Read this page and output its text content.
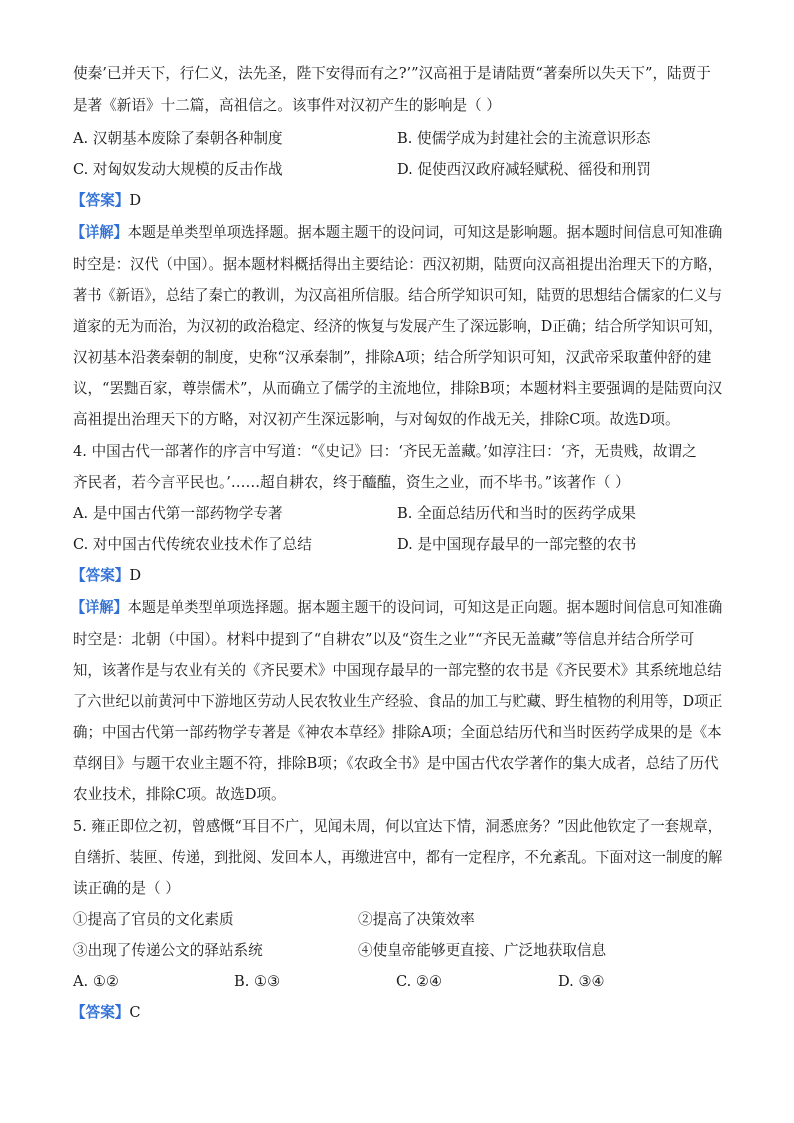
使秦’已并天下，行仁义，法先圣，陛下安得而有之?’”汉高祖于是请陆贾“著秦所以失天下”，陆贾于
是著《新语》十二篇，高祖信之。该事件对汉初产生的影响是（ ）
A. 汉朝基本废除了秦朝各种制度	B. 使儒学成为封建社会的主流意识形态
C. 对匈奴发动大规模的反击作战	D. 促使西汉政府减轻赋税、徭役和刑罚
【答案】D
【详解】本题是单类型单项选择题。据本题主题干的设问词，可知这是影响题。据本题时间信息可知准确
时空是：汉代（中国）。据本题材料概括得出主要结论：西汉初期，陆贾向汉高祖提出治理天下的方略，
著书《新语》，总结了秦亡的教训，为汉高祖所信服。结合所学知识可知，陆贾的思想结合儒家的仁义与
道家的无为而治，为汉初的政治稳定、经济的恢复与发展产生了深远影响，D正确；结合所学知识可知，
汉初基本沿袭秦朝的制度，史称“汉承秦制”，排除A项；结合所学知识可知，汉武帝采取董仲舒的建
议，“罢黜百家，尊崇儒术”，从而确立了儒学的主流地位，排除B项；本题材料主要强调的是陆贾向汉
高祖提出治理天下的方略，对汉初产生深远影响，与对匈奴的作战无关，排除C项。故选D项。
4. 中国古代一部著作的序言中写道：“《史记》曰：‘齐民无盖藏。’如淳注曰：‘齐，无贵贱，故谓之
齐民者，若今言平民也。’……超自耕农，终于醯醢，资生之业，而不毕书。”该著作（ ）
A. 是中国古代第一部药物学专著	B. 全面总结历代和当时的医药学成果
C. 对中国古代传统农业技术作了总结	D. 是中国现存最早的一部完整的农书
【答案】D
【详解】本题是单类型单项选择题。据本题主题干的设问词，可知这是正向题。据本题时间信息可知准确
时空是：北朝（中国）。材料中提到了“自耕农”以及“资生之业”“齐民无盖藏”等信息并结合所学可
知，该著作是与农业有关的《齐民要术》中国现存最早的一部完整的农书是《齐民要术》其系统地总结
了六世纪以前黄河中下游地区劳动人民农牧业生产经验、食品的加工与贮藏、野生植物的利用等，D项正
确；中国古代第一部药物学专著是《神农本草经》排除A项；全面总结历代和当时医药学成果的是《本
草纲目》与题干农业主题不符，排除B项；《农政全书》是中国古代农学著作的集大成者，总结了历代
农业技术，排除C项。故选D项。
5. 雍正即位之初，曾感慨“耳目不广，见闻未周，何以宜达下情，洞悉庶务？”因此他钦定了一套规章，
自缮折、装匣、传递，到批阅、发回本人，再缴进宫中，都有一定程序，不允紊乱。下面对这一制度的解
读正确的是（ ）
①提高了官员的文化素质	②提高了决策效率
③出现了传递公文的驿站系统	④使皇帝能够更直接、广泛地获取信息
A. ①②	B. ①③	C. ②④	D. ③④
【答案】C
